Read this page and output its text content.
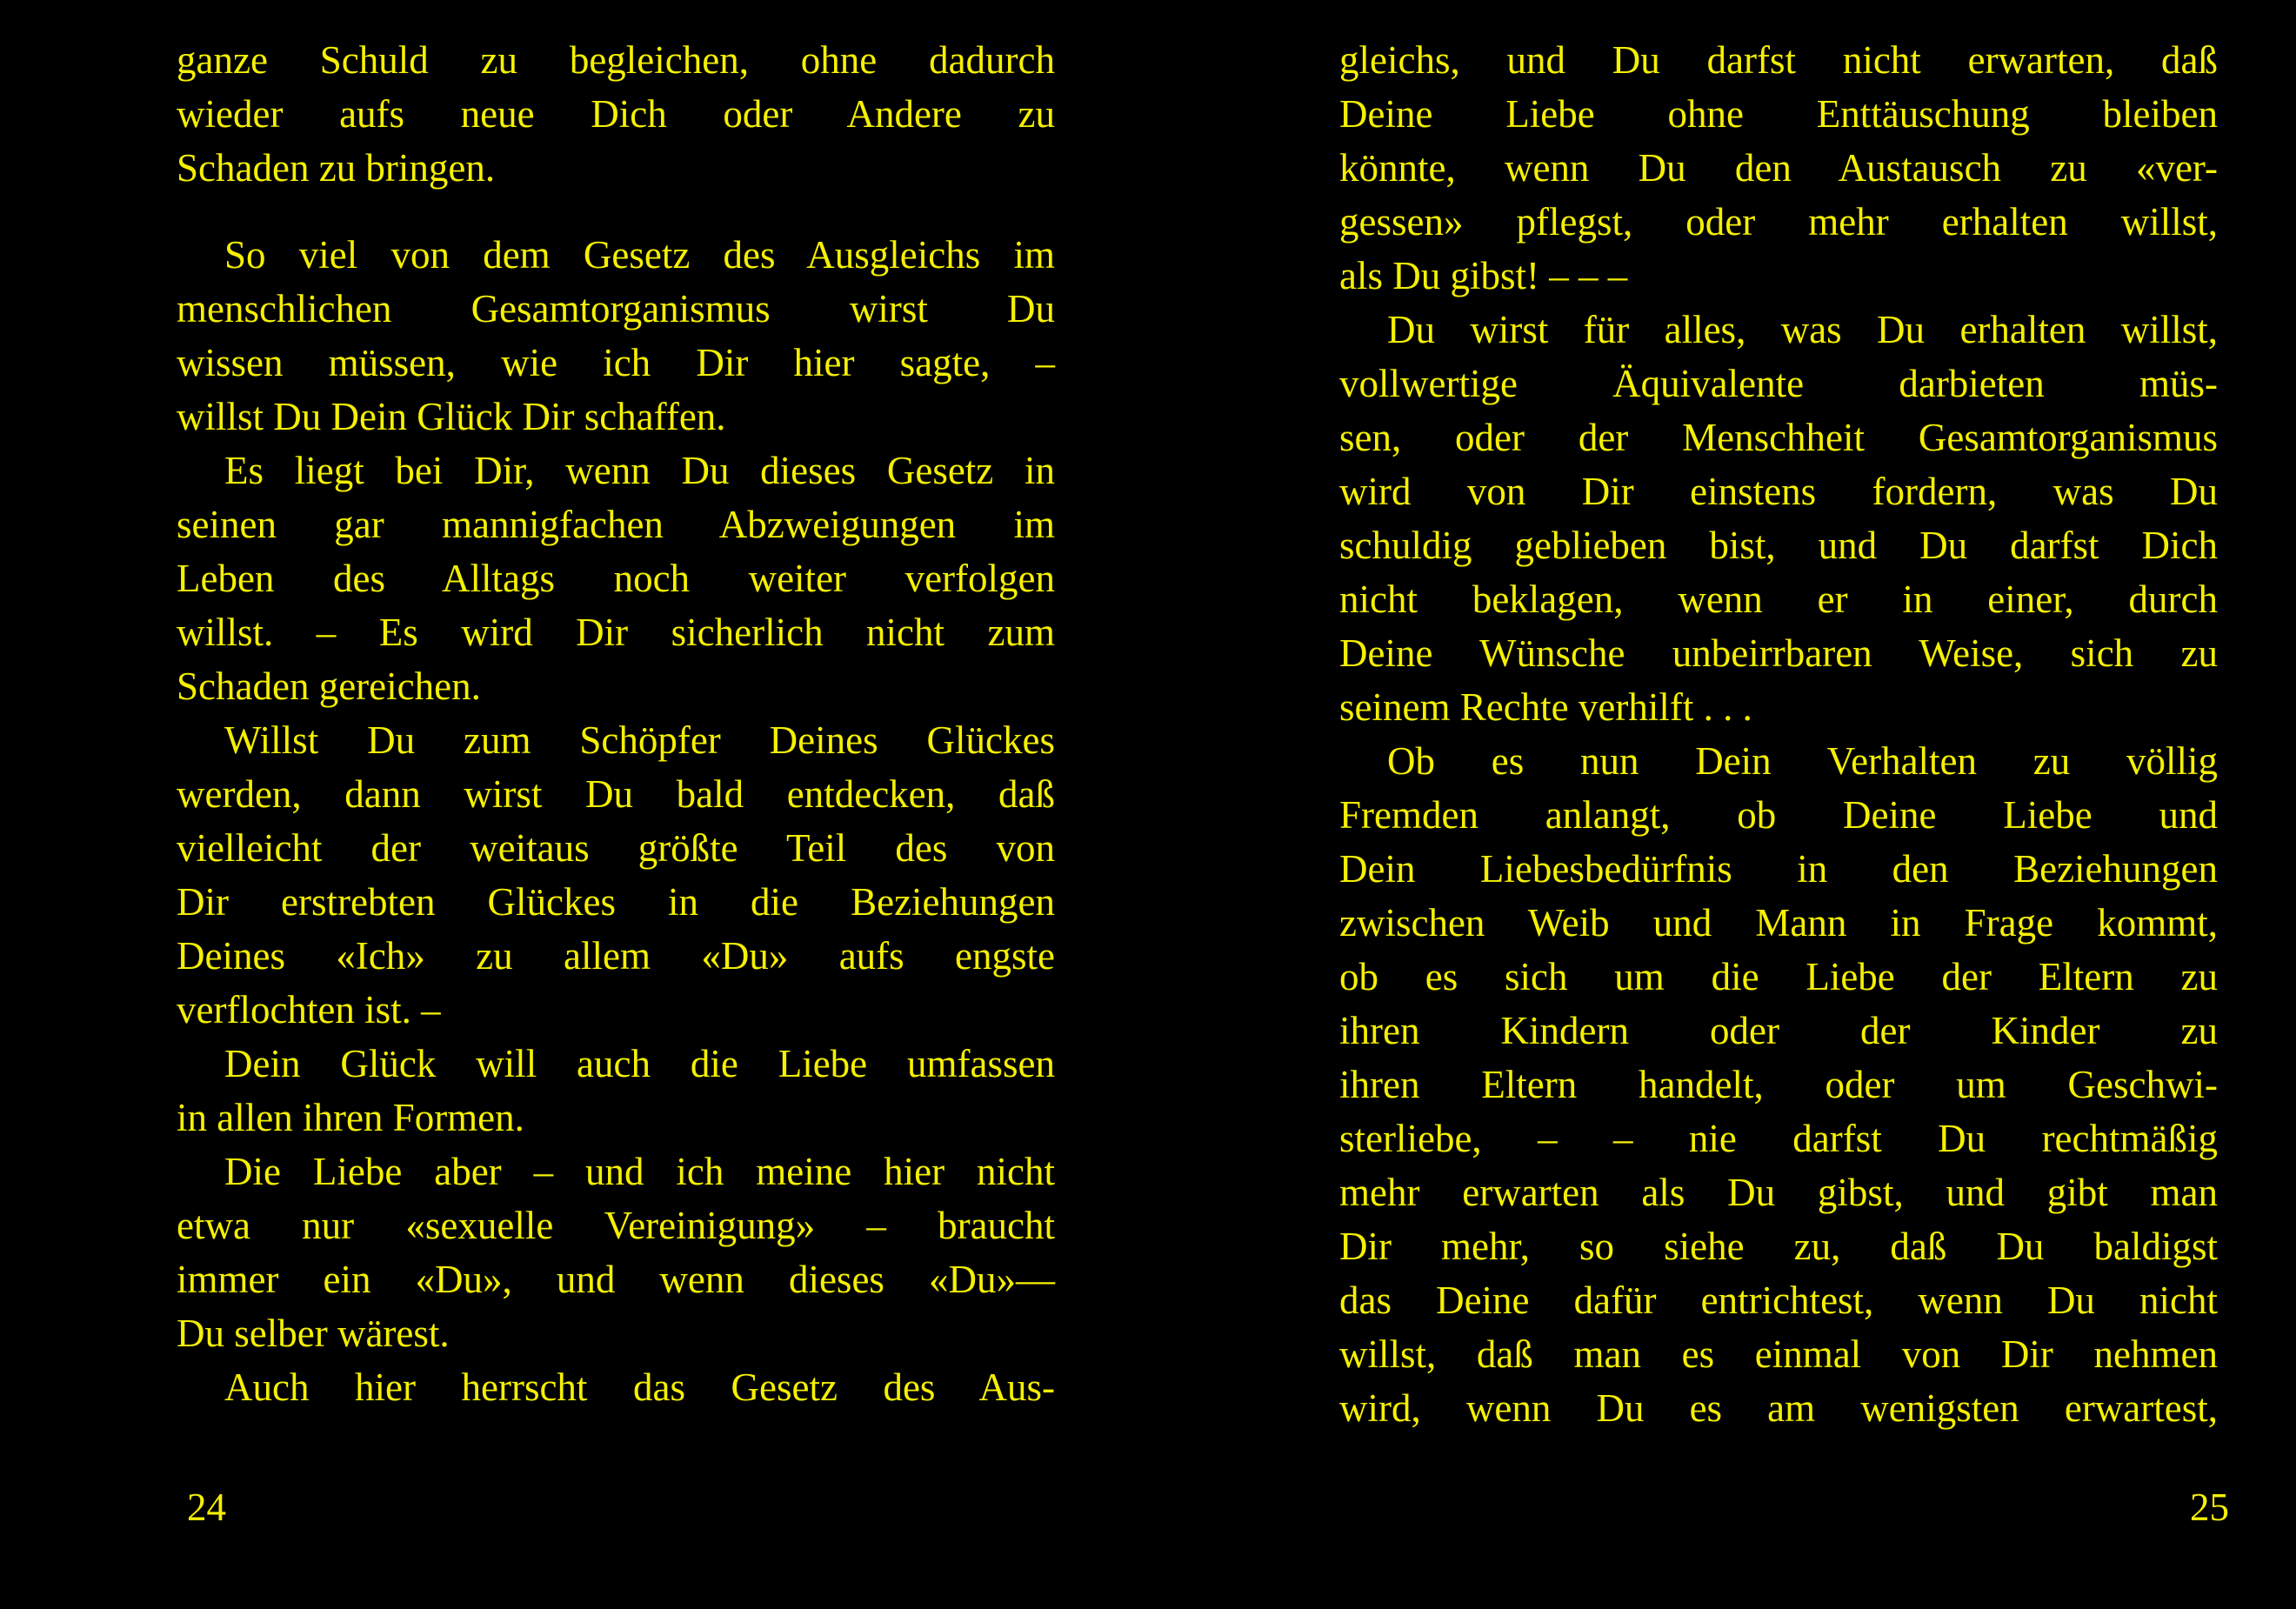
ganze Schuld zu begleichen, ohne dadurch
wieder aufs neue Dich oder Andere zu
Schaden zu bringen.
So viel von dem Gesetz des Ausgleichs im
menschlichen Gesamtorganismus wirst Du
wissen müssen, wie ich Dir hier sagte, –
willst Du Dein Glück Dir schaffen.
Es liegt bei Dir, wenn Du dieses Gesetz in
seinen gar mannigfachen Abzweigungen im
Leben des Alltags noch weiter verfolgen
willst. – Es wird Dir sicherlich nicht zum
Schaden gereichen.
Willst Du zum Schöpfer Deines Glückes
werden, dann wirst Du bald entdecken, daß
vielleicht der weitaus größte Teil des von
Dir erstrebten Glückes in die Beziehungen
Deines «Ich» zu allem «Du» aufs engste
verflochten ist. –
Dein Glück will auch die Liebe umfassen
in allen ihren Formen.
Die Liebe aber – und ich meine hier nicht
etwa nur «sexuelle Vereinigung» – braucht
immer ein «Du», und wenn dieses «Du»––
Du selber wärest.
Auch hier herrscht das Gesetz des Aus-
24
gleichs, und Du darfst nicht erwarten, daß
Deine Liebe ohne Enttäuschung bleiben
könnte, wenn Du den Austausch zu «ver-
gessen» pflegst, oder mehr erhalten willst,
als Du gibst! – – –
Du wirst für alles, was Du erhalten willst,
vollwertige Äquivalente darbieten müs-
sen, oder der Menschheit Gesamtorganismus
wird von Dir einstens fordern, was Du
schuldig geblieben bist, und Du darfst Dich
nicht beklagen, wenn er in einer, durch
Deine Wünsche unbeirrbaren Weise, sich zu
seinem Rechte verhilft . . .
Ob es nun Dein Verhalten zu völlig
Fremden anlangt, ob Deine Liebe und
Dein Liebesbedürfnis in den Beziehungen
zwischen Weib und Mann in Frage kommt,
ob es sich um die Liebe der Eltern zu
ihren Kindern oder der Kinder zu
ihren Eltern handelt, oder um Geschwi-
sterliebe, – – nie darfst Du rechtmäßig
mehr erwarten als Du gibst, und gibt man
Dir mehr, so siehe zu, daß Du baldigst
das Deine dafür entrichtest, wenn Du nicht
willst, daß man es einmal von Dir nehmen
wird, wenn Du es am wenigsten erwartest,
25
